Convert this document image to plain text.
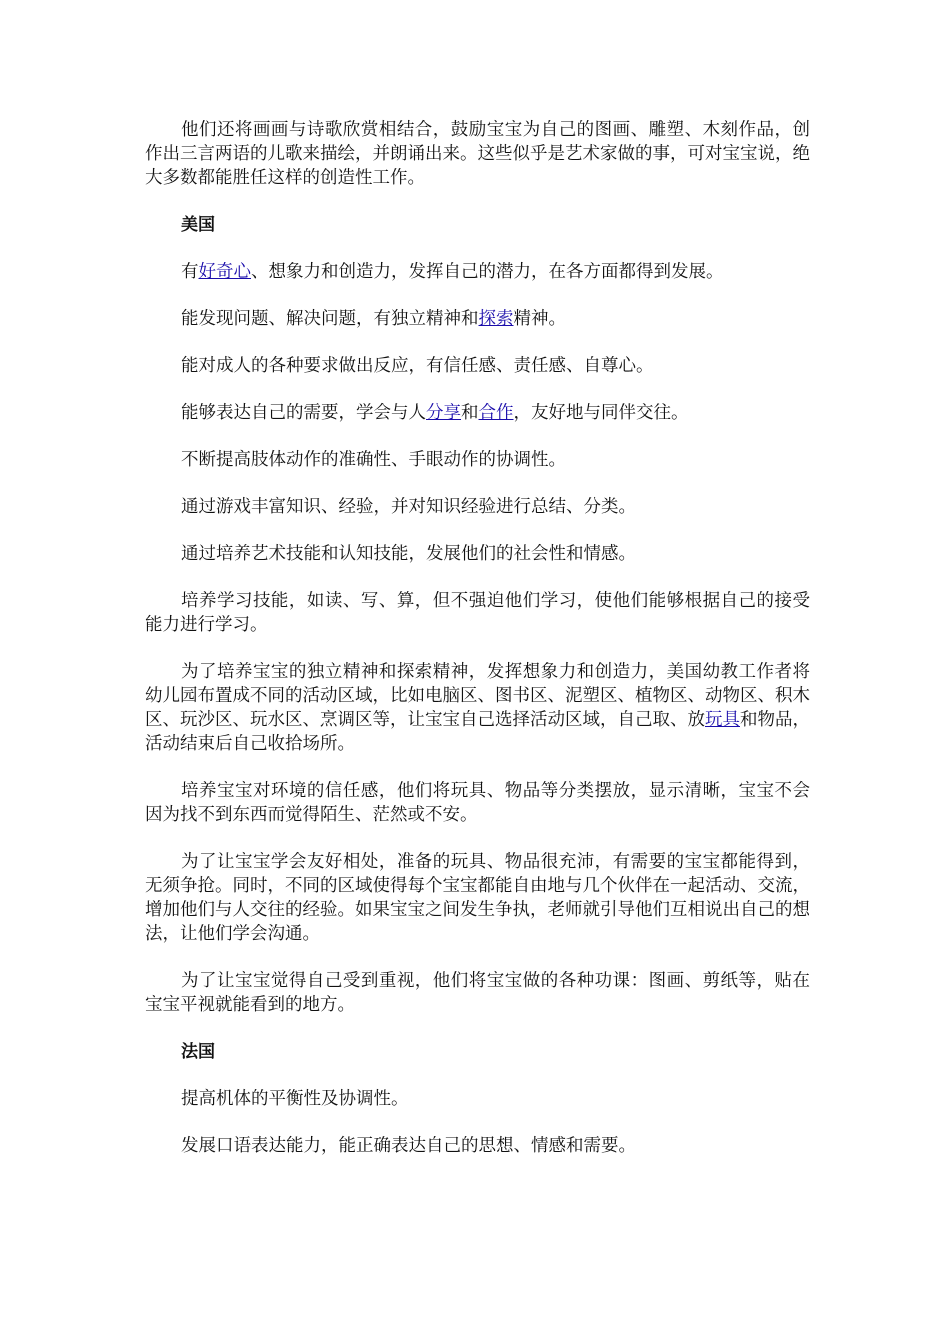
他们还将画画与诗歌欣赏相结合，鼓励宝宝为自己的图画、雕塑、木刻作品，创作出三言两语的儿歌来描绘，并朗诵出来。这些似乎是艺术家做的事，可对宝宝说，绝大多数都能胜任这样的创造性工作。

美国

有好奇心、想象力和创造力，发挥自己的潜力，在各方面都得到发展。

能发现问题、解决问题，有独立精神和探索精神。

能对成人的各种要求做出反应，有信任感、责任感、自尊心。

能够表达自己的需要，学会与人分享和合作，友好地与同伴交往。

不断提高肢体动作的准确性、手眼动作的协调性。

通过游戏丰富知识、经验，并对知识经验进行总结、分类。

通过培养艺术技能和认知技能，发展他们的社会性和情感。

培养学习技能，如读、写、算，但不强迫他们学习，使他们能够根据自己的接受能力进行学习。

为了培养宝宝的独立精神和探索精神，发挥想象力和创造力，美国幼教工作者将幼儿园布置成不同的活动区域，比如电脑区、图书区、泥塑区、植物区、动物区、积木区、玩沙区、玩水区、烹调区等，让宝宝自己选择活动区域，自己取、放玩具和物品，活动结束后自己收拾场所。

培养宝宝对环境的信任感，他们将玩具、物品等分类摆放，显示清晰，宝宝不会因为找不到东西而觉得陌生、茫然或不安。

为了让宝宝学会友好相处，准备的玩具、物品很充沛，有需要的宝宝都能得到，无须争抢。同时，不同的区域使得每个宝宝都能自由地与几个伙伴在一起活动、交流，增加他们与人交往的经验。如果宝宝之间发生争执，老师就引导他们互相说出自己的想法，让他们学会沟通。

为了让宝宝觉得自己受到重视，他们将宝宝做的各种功课：图画、剪纸等，贴在宝宝平视就能看到的地方。

法国

提高机体的平衡性及协调性。

发展口语表达能力，能正确表达自己的思想、情感和需要。
